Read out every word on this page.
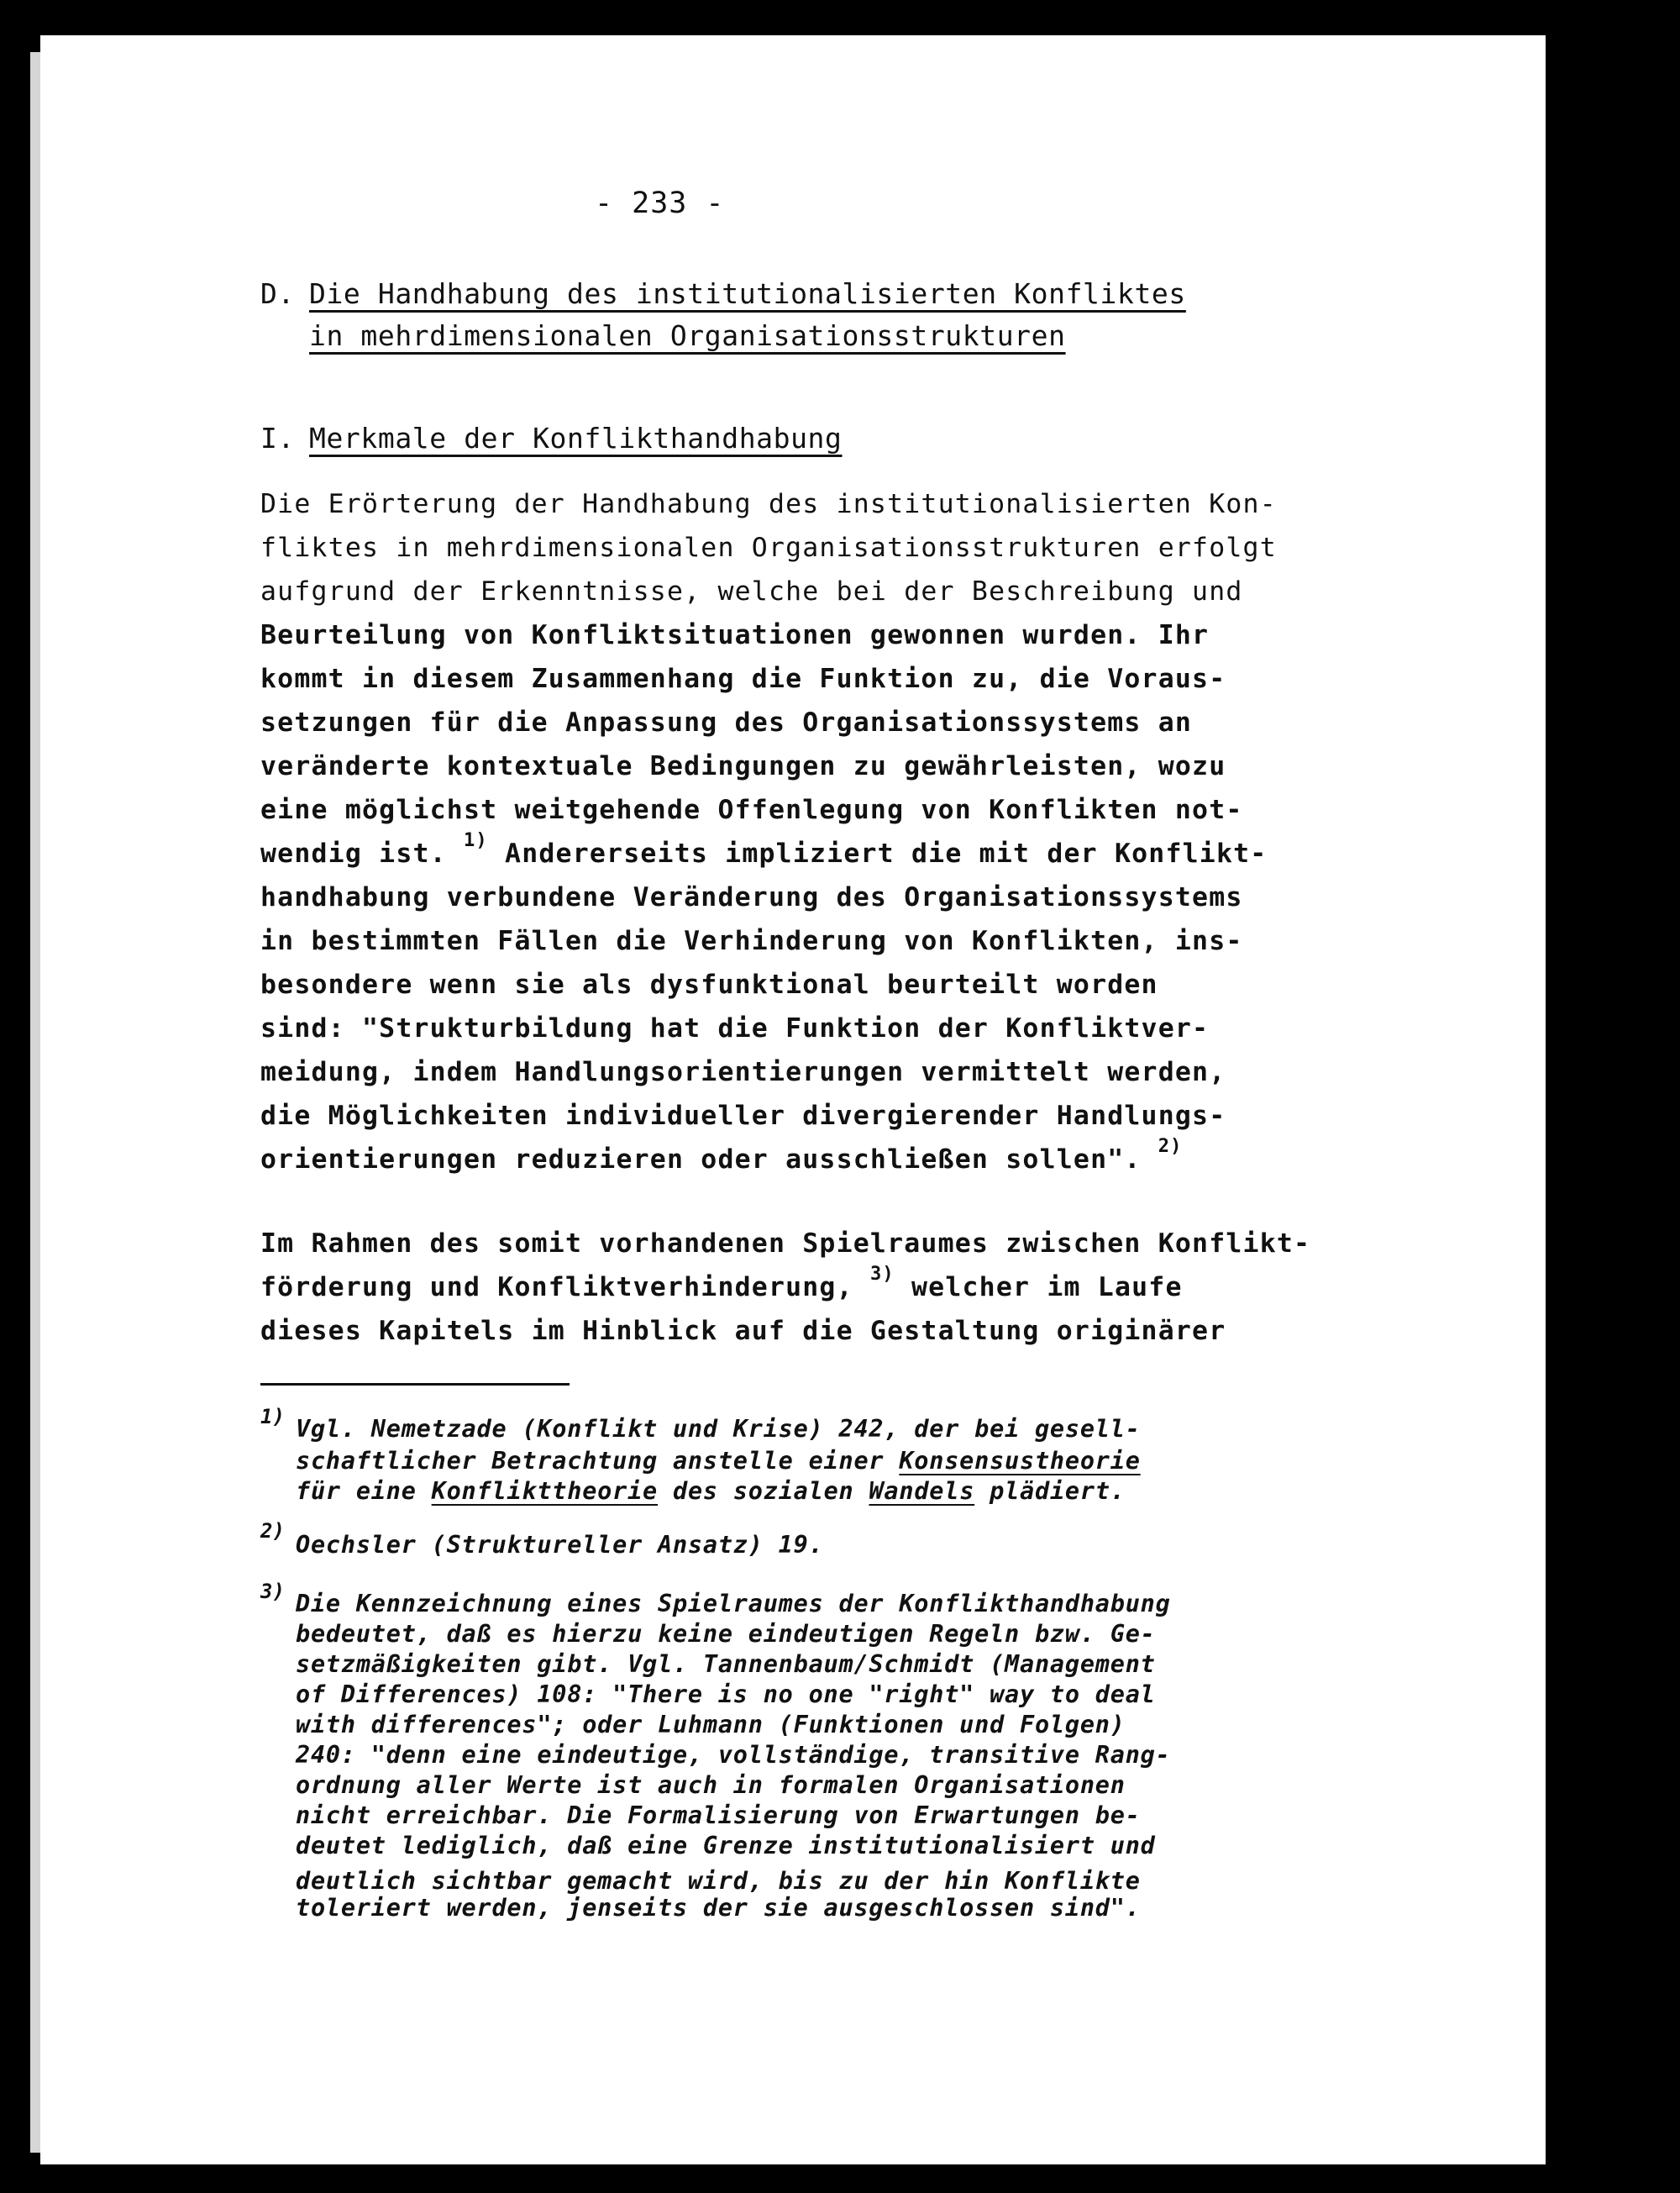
- 233 -
D. Die Handhabung des institutionalisierten Konfliktes
in mehrdimensionalen Organisationsstrukturen
I. Merkmale der Konflikthandhabung
Die Erörterung der Handhabung des institutionalisierten Kon-
fliktes in mehrdimensionalen Organisationsstrukturen erfolgt
aufgrund der Erkenntnisse, welche bei der Beschreibung und
Beurteilung von Konfliktsituationen gewonnen wurden. Ihr
kommt in diesem Zusammenhang die Funktion zu, die Voraus-
setzungen für die Anpassung des Organisationssystems an
veränderte kontextuale Bedingungen zu gewährleisten, wozu
eine möglichst weitgehende Offenlegung von Konflikten not-
wendig ist. $^{1)}$ Andererseits impliziert die mit der Konflikt-
handhabung verbundene Veränderung des Organisationssystems
in bestimmten Fällen die Verhinderung von Konflikten, ins-
besondere wenn sie als dysfunktional beurteilt worden
sind: "Strukturbildung hat die Funktion der Konfliktver-
meidung, indem Handlungsorientierungen vermittelt werden,
die Möglichkeiten individueller divergierender Handlungs-
orientierungen reduzieren oder ausschließen sollen". $^{2)}$
Im Rahmen des somit vorhandenen Spielraumes zwischen Konflikt-
förderung und Konfliktverhinderung, $^{3)}$ welcher im Laufe
dieses Kapitels im Hinblick auf die Gestaltung originärer
1) Vgl. Nemetzade (Konflikt und Krise) 242, der bei gesell-
schaftlicher Betrachtung anstelle einer Konsensustheorie
für eine Konflikttheorie des sozialen Wandels plädiert.
2) Oechsler (Struktureller Ansatz) 19.
3) Die Kennzeichnung eines Spielraumes der Konflikthandhabung
bedeutet, daß es hierzu keine eindeutigen Regeln bzw. Ge-
setzmäßigkeiten gibt. Vgl. Tannenbaum/Schmidt (Management
of Differences) 108: "There is no one "right" way to deal
with differences"; oder Luhmann (Funktionen und Folgen)
240: "denn eine eindeutige, vollständige, transitive Rang-
ordnung aller Werte ist auch in formalen Organisationen
nicht erreichbar. Die Formalisierung von Erwartungen be-
deutet lediglich, daß eine Grenze institutionalisiert und
deutlich sichtbar gemacht wird, bis zu der hin Konflikte
toleriert werden, jenseits der sie ausgeschlossen sind".
